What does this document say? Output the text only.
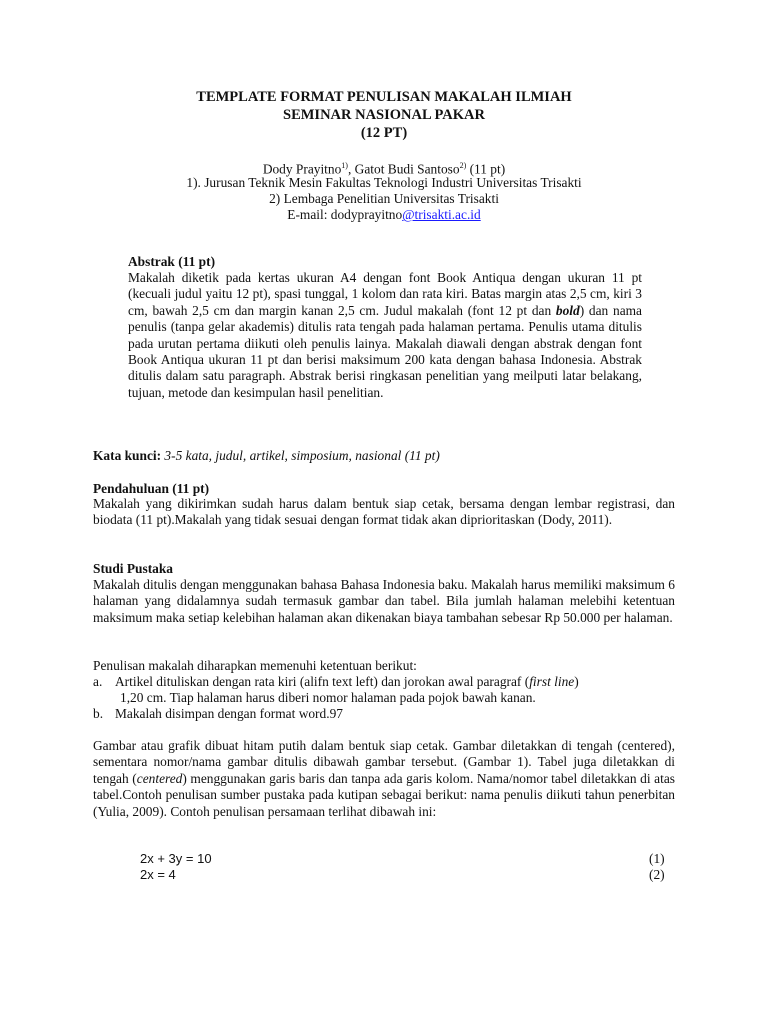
TEMPLATE FORMAT PENULISAN MAKALAH ILMIAH
SEMINAR NASIONAL PAKAR
(12 PT)
Dody Prayitno$^{1)}$, Gatot Budi Santoso$^{2)}$ (11 pt)
1). Jurusan Teknik Mesin Fakultas Teknologi Industri Universitas Trisakti
2) Lembaga Penelitian Universitas Trisakti
E-mail: dodyprayitno@trisakti.ac.id
Abstrak (11 pt)

Makalah diketik pada kertas ukuran A4 dengan font Book Antiqua dengan ukuran 11 pt (kecuali judul yaitu 12 pt), spasi tunggal, 1 kolom dan rata kiri. Batas margin atas 2,5 cm, kiri 3 cm, bawah 2,5 cm dan margin kanan 2,5 cm. Judul makalah (font 12 pt dan bold) dan nama penulis (tanpa gelar akademis) ditulis rata tengah pada halaman pertama. Penulis utama ditulis pada urutan pertama diikuti oleh penulis lainya. Makalah diawali dengan abstrak dengan font Book Antiqua ukuran 11 pt dan berisi maksimum 200 kata dengan bahasa Indonesia. Abstrak ditulis dalam satu paragraph. Abstrak berisi ringkasan penelitian yang meilputi latar belakang, tujuan, metode dan kesimpulan hasil penelitian.

Kata kunci: 3-5 kata, judul, artikel, simposium, nasional (11 pt)
Pendahuluan (11 pt)

Makalah yang dikirimkan sudah harus dalam bentuk siap cetak, bersama dengan lembar registrasi, dan biodata (11 pt).Makalah yang tidak sesuai dengan format tidak akan diprioritaskan (Dody, 2011).

Studi Pustaka

Makalah ditulis dengan menggunakan bahasa Bahasa Indonesia baku. Makalah harus memiliki maksimum 6 halaman yang didalamnya sudah termasuk gambar dan tabel. Bila jumlah halaman melebihi ketentuan maksimum maka setiap kelebihan halaman akan dikenakan biaya tambahan sebesar Rp 50.000 per halaman.

Penulisan makalah diharapkan memenuhi ketentuan berikut:

a. Artikel dituliskan dengan rata kiri (alifn text left) dan jorokan awal paragraf (first line)
1,20 cm. Tiap halaman harus diberi nomor halaman pada pojok bawah kanan.
b. Makalah disimpan dengan format word.97

Gambar atau grafik dibuat hitam putih dalam bentuk siap cetak. Gambar diletakkan di tengah (centered), sementara nomor/nama gambar ditulis dibawah gambar tersebut. (Gambar 1). Tabel juga diletakkan di tengah (centered) menggunakan garis baris dan tanpa ada garis kolom. Nama/nomor tabel diletakkan di atas tabel.Contoh penulisan sumber pustaka pada kutipan sebagai berikut: nama penulis diikuti tahun penerbitan (Yulia, 2009). Contoh penulisan persamaan terlihat dibawah ini:

2x + 3y = 10	(1)
2x = 4	(2)
